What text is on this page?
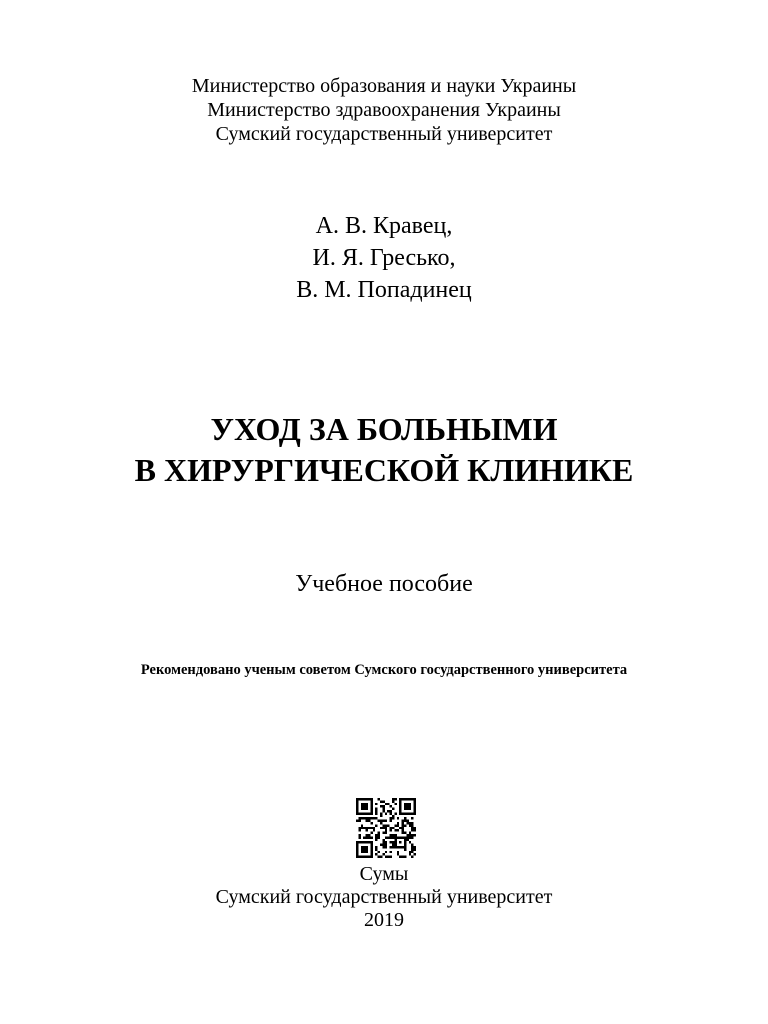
Министерство образования и науки Украины
Министерство здравоохранения Украины
Сумский государственный университет
А. В. Кравец,
И. Я. Гресько,
В. М. Попадинец
УХОД ЗА БОЛЬНЫМИ
В ХИРУРГИЧЕСКОЙ КЛИНИКЕ
Учебное пособие
Рекомендовано ученым советом Сумского государственного университета
Сумы
Сумский государственный университет
2019
